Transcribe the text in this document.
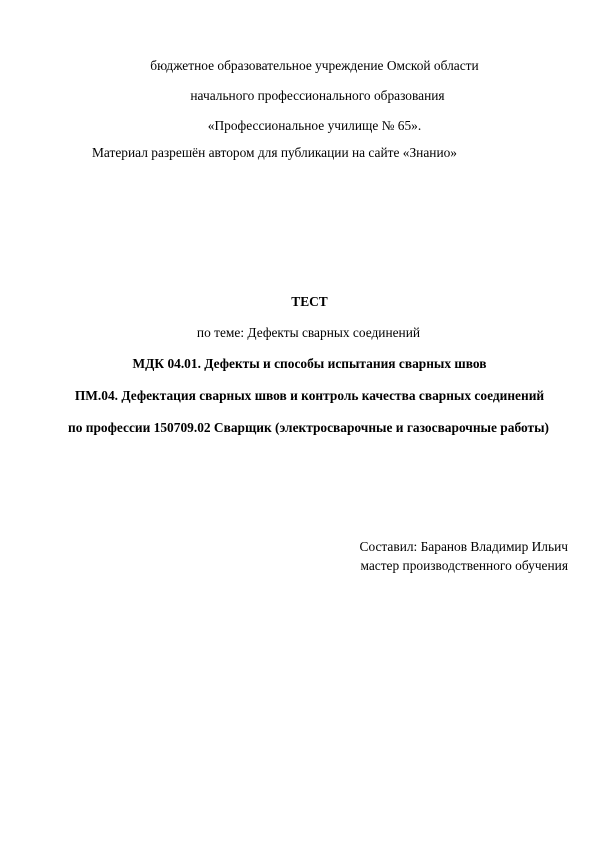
бюджетное образовательное учреждение Омской области
начального профессионального образования
«Профессиональное училище № 65».
Материал разрешён автором для публикации на сайте «Знанио»
ТЕСТ
по теме: Дефекты сварных соединений
МДК 04.01. Дефекты и способы испытания сварных швов
ПМ.04. Дефектация сварных швов и контроль качества сварных соединений
по профессии 150709.02 Сварщик (электросварочные и газосварочные работы)
Составил: Баранов Владимир Ильич
мастер производственного обучения
